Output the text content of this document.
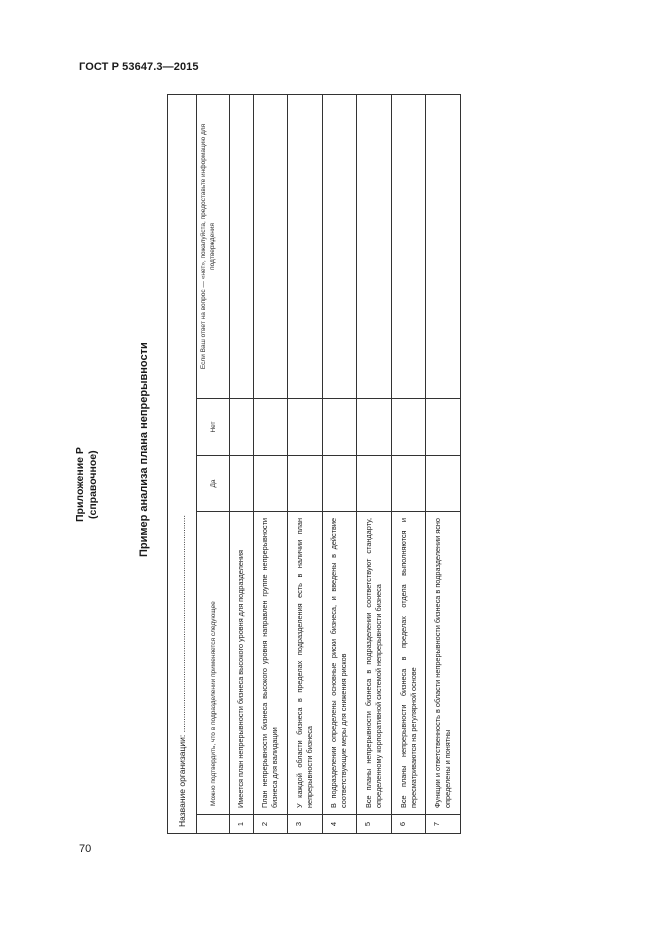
ГОСТ Р 53647.3—2015
Приложение Р (справочное)	Пример анализа плана непрерывности
Название организации: ............................................................................................				
	Можно подтвердить, что в подразделении применяется следующее	Да	Нет	Если Ваш ответ на вопрос — «нет», пожалуйста, предоставьте информацию для подтверждения
1	Имеется план непрерывности бизнеса высокого уровня для подразделения			
2	План непрерывности бизнеса высокого уровня направлен группе непрерывности бизнеса для валидации			
3	У каждой области бизнеса в пределах подразделения есть в наличии план непрерывности бизнеса			
4	В подразделении определены основные риски бизнеса, и введены в действие соответствующие меры для снижения рисков			
5	Все планы непрерывности бизнеса в подразделении соответствуют стандарту, определенному корпоративной системой непрерывности бизнеса			
6	Все планы непрерывности бизнеса в пределах отдела выполняются и пересматриваются на регулярной основе			
7	Функции и ответственность в области непрерывности бизнеса в подразделении ясно определены и понятны			
70
